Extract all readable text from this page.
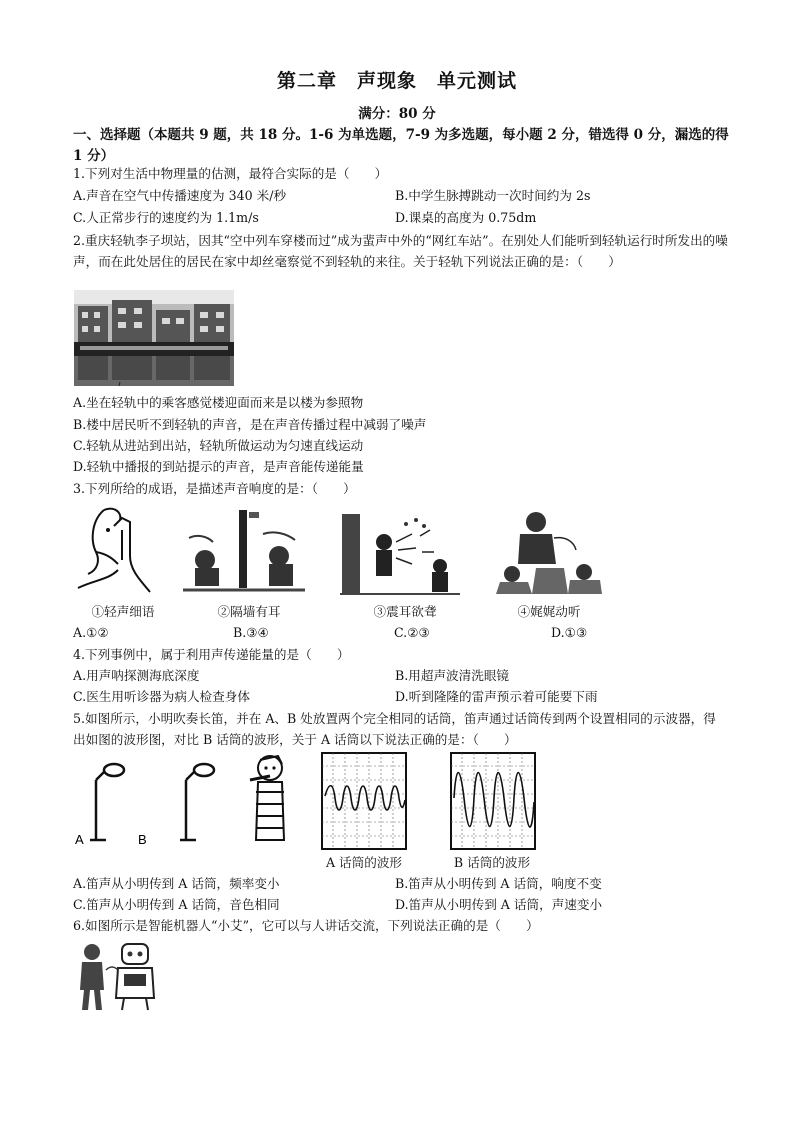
第二章　声现象　单元测试
满分：80 分
一、选择题（本题共 9 题，共 18 分。1-6 为单选题，7-9 为多选题，每小题 2 分，错选得 0 分，漏选的得 1 分）
1.下列对生活中物理量的估测，最符合实际的是（　　）
A.声音在空气中传播速度为 340 米/秒	B.中学生脉搏跳动一次时间约为 2s
C.人正常步行的速度约为 1.1m/s	D.课桌的高度为 0.75dm
2.重庆轻轨李子坝站，因其“空中列车穿楼而过”成为蜚声中外的“网红车站”。在别处人们能听到轻轨运行时所发出的噪声，而在此处居住的居民在家中却丝毫察觉不到轻轨的来往。关于轻轨下列说法正确的是：（　　）
A.坐在轻轨中的乘客感觉楼迎面而来是以楼为参照物
B.楼中居民听不到轻轨的声音，是在声音传播过程中减弱了噪声
C.轻轨从进站到出站，轻轨所做运动为匀速直线运动
D.轻轨中播报的到站提示的声音，是声音能传递能量
3.下列所给的成语，是描述声音响度的是：（　　）
①轻声细语	②隔墙有耳	③震耳欲聋	④娓娓动听
A.①②	B.③④	C.②③	D.①③
4.下列事例中，属于利用声传递能量的是（　　）
A.用声呐探测海底深度	B.用超声波清洗眼镜
C.医生用听诊器为病人检查身体	D.听到隆隆的雷声预示着可能要下雨
5.如图所示，小明吹奏长笛，并在 A、B 处放置两个完全相同的话筒，笛声通过话筒传到两个设置相同的示波器，得出如图的波形图，对比 B 话筒的波形，关于 A 话筒以下说法正确的是：（　　）
A	B
A 话筒的波形	B 话筒的波形
A.笛声从小明传到 A 话筒，频率变小	B.笛声从小明传到 A 话筒，响度不变
C.笛声从小明传到 A 话筒，音色相同	D.笛声从小明传到 A 话筒，声速变小
6.如图所示是智能机器人“小艾”，它可以与人讲话交流，下列说法正确的是（　　）
